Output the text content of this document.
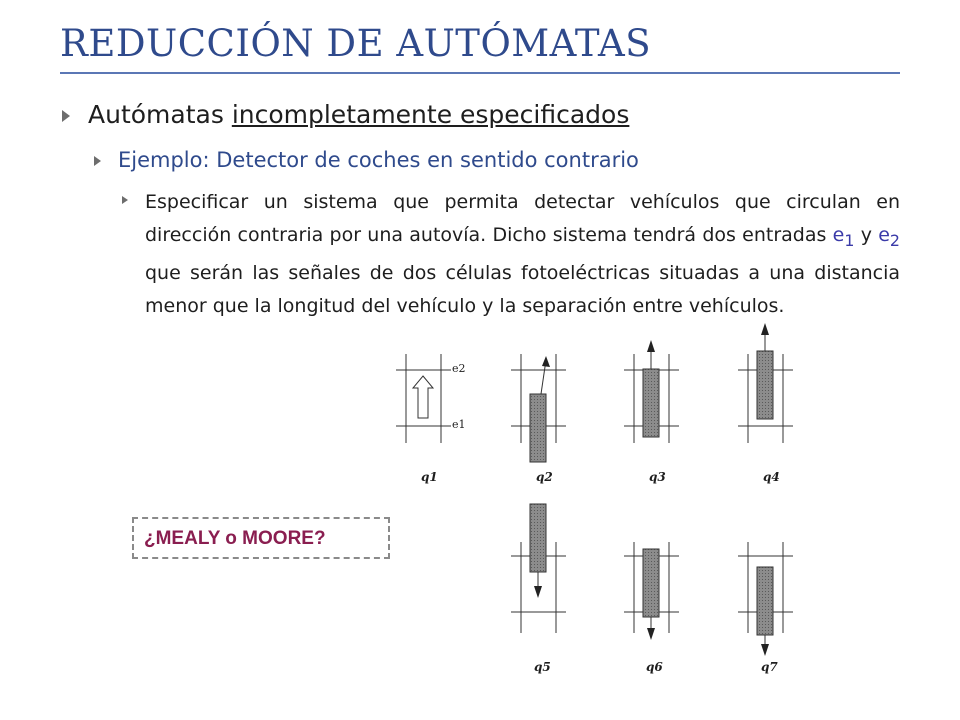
REDUCCIÓN DE AUTÓMATAS
Autómatas incompletamente especificados
Ejemplo: Detector de coches en sentido contrario
Especificar un sistema que permita detectar vehículos que circulan en dirección contraria por una autovía. Dicho sistema tendrá dos entradas $e_1$ y $e_2$ que serán las señales de dos células fotoeléctricas situadas a una distancia menor que la longitud del vehículo y la separación entre vehículos.
e2
e1
q1	q2	q3	q4
q5	q6	q7
¿MEALY o MOORE?
